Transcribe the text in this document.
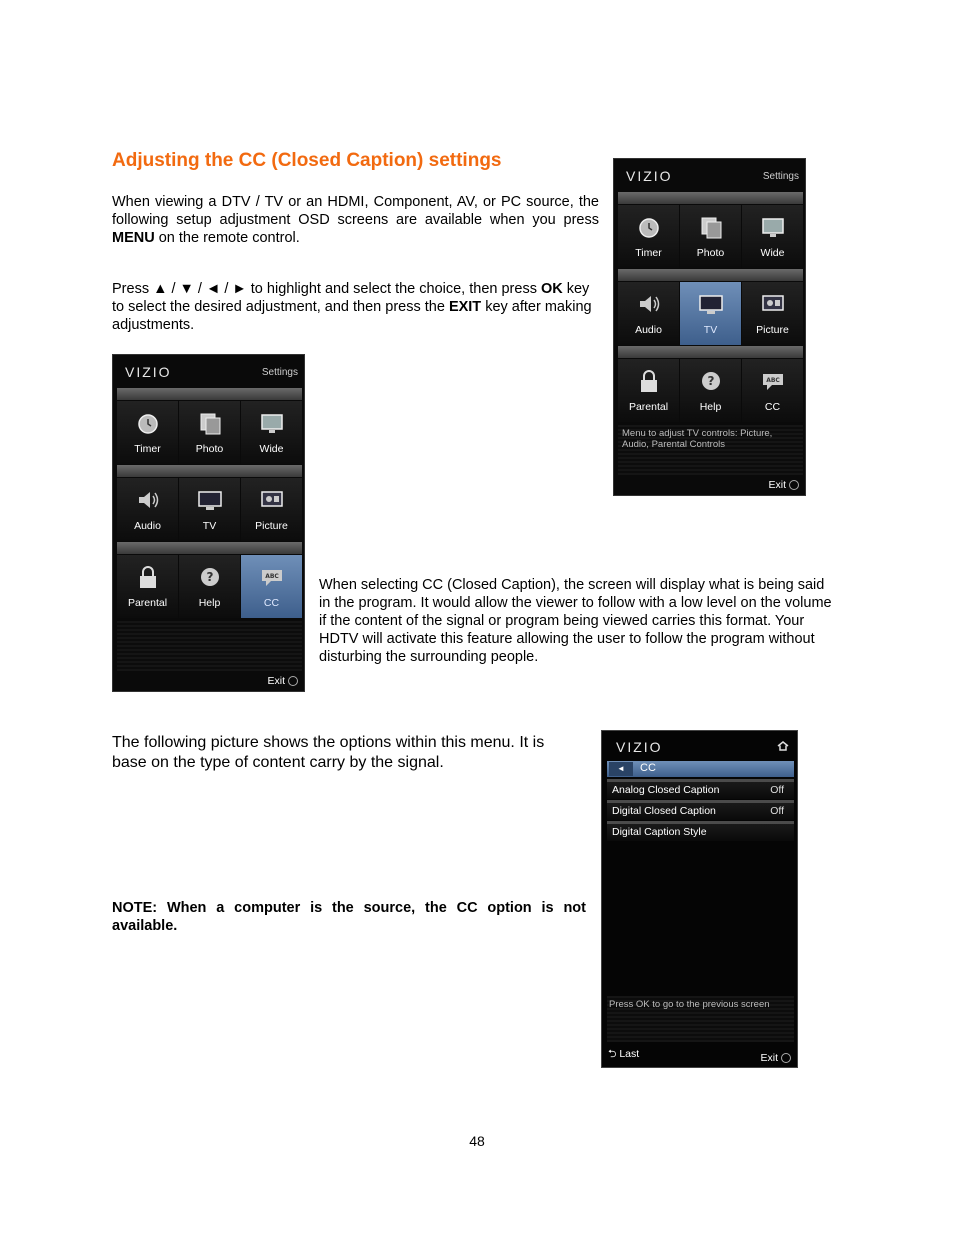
Adjusting the CC (Closed Caption) settings
When viewing a DTV / TV or an HDMI, Component, AV, or PC source, the following setup adjustment OSD screens are available when you press MENU on the remote control.
Press ▲ / ▼ / ◄ / ► to highlight and select the choice, then press OK key to select the desired adjustment, and then press the EXIT key after making adjustments.
VIZIO	Settings
Timer	Photo	Wide
Audio	TV	Picture
Parental
?
Help
ABC
CC
Menu to adjust TV controls: Picture, Audio, Parental Controls
Exit
VIZIO	Settings
Timer	Photo	Wide
Audio	TV	Picture
Parental
?
Help
ABC
CC
Exit
When selecting CC (Closed Caption), the screen will display what is being said in the program. It would allow the viewer to follow with a low level on the volume if the content of the signal or program being viewed carries this format. Your HDTV will activate this feature allowing the user to follow the program without disturbing the surrounding people.
The following picture shows the options within this menu. It is base on the type of content carry by the signal.
NOTE: When a computer is the source, the CC option is not available.
VIZIO
◄	CC
Analog Closed Caption	Off
Digital Closed Caption	Off
Digital Caption Style
Press OK to go to the previous screen
⮌ Last	Exit
48
